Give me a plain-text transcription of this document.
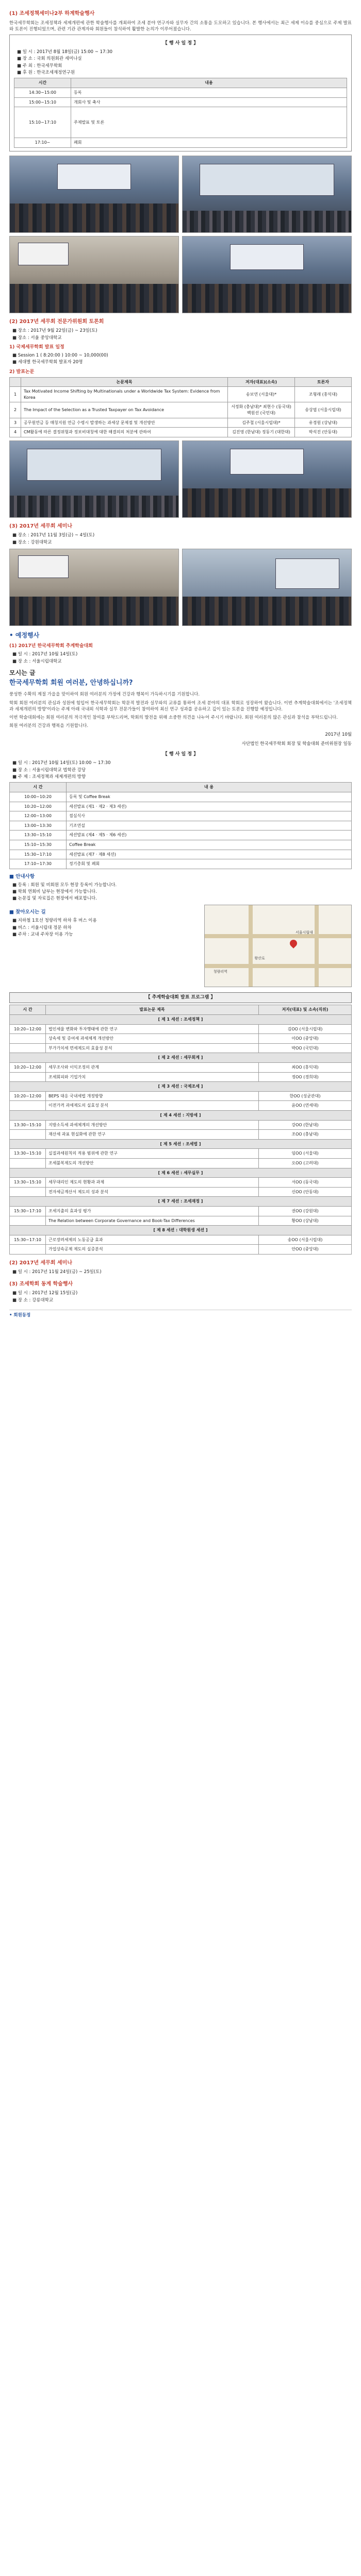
(1) 조세정책세미나2부 하계학술행사

한국세무학회는 조세정책과 세제개편에 관한 학술행사를 개최하여 조세 분야 연구자와 실무자 간의 소통을 도모하고 있습니다. 본 행사에서는 최근 세제 이슈를 중심으로 주제 발표와 토론이 진행되었으며, 관련 기관 관계자와 회원들이 참석하여 활발한 논의가 이루어졌습니다.

【 행 사 일 정 】
■ 일 시 : 2017년 8월 18일(금) 15:00 ~ 17:30
■ 장 소 : 국회 의원회관 세미나실
■ 주 최 : 한국세무학회
■ 후 원 : 한국조세재정연구원
시간	내용
14:30~15:00	등록
15:00~15:10	개회사 및 축사
15:10~17:10	주제발표 및 토론
17:10~	폐회
(2) 2017년 세무회 전문가위원회 토론회
■ 장소 : 2017년 9월 22일(금) ~ 23일(토)
■ 장소 : 서울 중앙대학교
1) 국제세무학회 발표 일정
■ Session 1 ( 8:20:00 ) 10:00 ~ 10,000(00)
■ 세대별 한국세무학회 발표자 20명
2) 발표논문
	논문제목	저자(대표)(소속)	토론자
1	Tax Motivated Income Shifting by Multinationals under a Worldwide Tax System: Evidence from Korea	송보연 (서울대)*	조형래 (홍익대)
2	The Impact of the Selection as a Trusted Taxpayer on Tax Avoidance	서정화 (충남대)* 최현수 (동국대) 백원선 (국민대)	송상엽 (서울시립대)
3	공무원연금 등 매칭지원 연금 수령시 발생하는 과세상 문제점 및 개선방안	김주철 (서울시립대)*	유경원 (상남대)
4	CM활동에 따른 결정위험과 정보비대칭에 대한 해결의의 처분에 관하여	김진영 (한남대) 정동기 (대한대)	박석진 (안동대)
(3) 2017년 세무회 세미나
■ 장소 : 2017년 11월 3일(금) ~ 4일(토)
■ 장소 : 강원대학교
• 예정행사
(1) 2017년 한국세무학회 추계학술대회
■ 일 시 : 2017년 10월 14일(토)
■ 장 소 : 서울시립대학교
모시는 글
한국세무학회 회원 여러분, 안녕하십니까?

풍성한 수확의 계절 가을을 맞이하여 회원 여러분의 가정에 건강과 행복이 가득하시기를 기원합니다.

학회 회원 여러분의 관심과 성원에 힘입어 한국세무학회는 학문적 발전과 실무와의 교류를 통하여 조세 분야의 대표 학회로 성장하여 왔습니다. 이번 추계학술대회에서는 '조세정책과 세제개편의 방향'이라는 주제 아래 국내외 석학과 실무 전문가들이 참여하여 최신 연구 성과를 공유하고 깊이 있는 토론을 진행할 예정입니다.

이번 학술대회에는 회원 여러분의 적극적인 참여를 부탁드리며, 학회의 발전을 위해 소중한 의견을 나누어 주시기 바랍니다. 회원 여러분의 많은 관심과 참석을 부탁드립니다.

회원 여러분의 건강과 행복을 기원합니다.

2017년 10월
사단법인 한국세무학회 회장 및 학술대회 준비위원장 일동
【 행 사 일 정 】
■ 일 시 : 2017년 10월 14일(토) 10:00 ~ 17:30
■ 장 소 : 서울시립대학교 법학관 강당
■ 주 제 : 조세정책과 세제개편의 방향
시 간	내 용
10:00~10:20	등록 및 Coffee Break
10:20~12:00	세션발표 (제1 · 제2 · 제3 세션)
12:00~13:00	점심식사
13:00~13:30	기조연설
13:30~15:10	세션발표 (제4 · 제5 · 제6 세션)
15:10~15:30	Coffee Break
15:30~17:10	세션발표 (제7 · 제8 세션)
17:10~17:30	정기총회 및 폐회
■ 안내사항
■ 등록 : 회원 및 비회원 모두 현장 등록이 가능합니다.
■ 학회 연회비 납부는 현장에서 가능합니다.
■ 논문집 및 자료집은 현장에서 배포합니다.
■ 찾아오시는 길
■ 지하철 1호선 청량리역 하차 후 버스 이용
■ 버스 : 서울시립대 정문 하차
■ 주차 : 교내 주차장 이용 가능	서울시립대
청량리역
왕산로
【 추계학술대회 발표 프로그램 】
시 간	발표논문 제목	저자(대표) 및 소속(직위)
[ 제 1 세션 : 조세정책 ]		
10:20~12:00	법인세율 변화와 투자행태에 관한 연구	김OO (서울시립대)
	상속세 및 증여세 과세체계 개선방안	이OO (중앙대)
	부가가치세 면세제도의 효율성 분석	박OO (국민대)
[ 제 2 세션 : 세무회계 ]		
10:20~12:00	세무조사와 이익조정의 관계	최OO (홍익대)
	조세회피와 기업가치	정OO (경희대)
[ 제 3 세션 : 국제조세 ]		
10:20~12:00	BEPS 대응 국내세법 개정방향	한OO (성균관대)
	이전가격 과세제도의 실효성 분석	윤OO (연세대)
[ 제 4 세션 : 지방세 ]		
13:30~15:10	지방소득세 과세체계의 개선방안	강OO (한남대)
	재산세 과표 현실화에 관한 연구	조OO (충남대)
[ 제 5 세션 : 조세법 ]		
13:30~15:10	실질과세원칙의 적용 범위에 관한 연구	임OO (서울대)
	조세불복제도의 개선방안	오OO (고려대)
[ 제 6 세션 : 세무실무 ]		
13:30~15:10	세무대리인 제도의 현황과 과제	서OO (동국대)
	전자세금계산서 제도의 성과 분석	신OO (안동대)
[ 제 7 세션 : 조세재정 ]		
15:30~17:10	조세지출의 효과성 평가	권OO (강원대)
	The Relation between Corporate Governance and Book-Tax Differences	황OO (상남대)
[ 제 8 세션 : 대학원생 세션 ]		
15:30~17:10	근로장려세제의 노동공급 효과	송OO (서울시립대)
	가업상속공제 제도의 실증분석	안OO (중앙대)
(2) 2017년 세무회 세미나
■ 일 시 : 2017년 11월 24일(금) ~ 25일(토)
(3) 조세학회 동계 학술행사
■ 일 시 : 2017년 12월 15일(금)
■ 장 소 : 강릉대학교
• 회원동정
